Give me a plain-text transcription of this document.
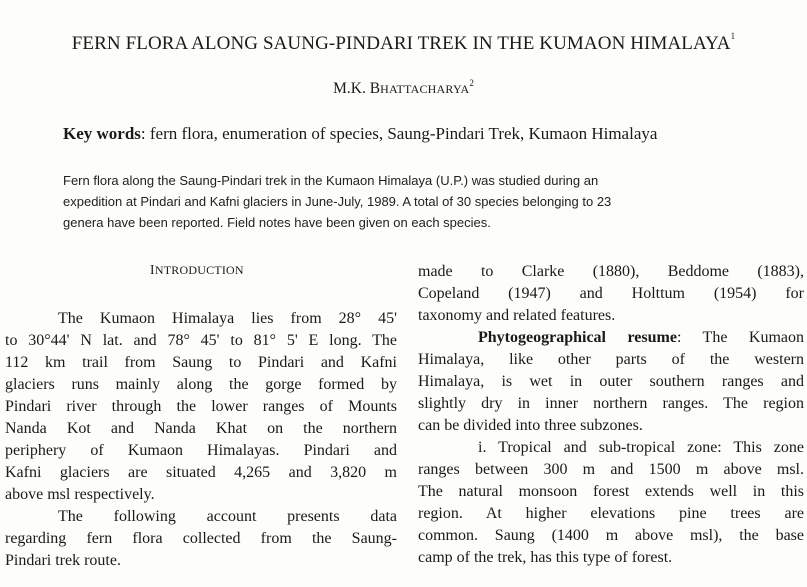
FERN FLORA ALONG SAUNG-PINDARI TREK IN THE KUMAON HIMALAYA$^1$
M.K. BHATTACHARYA$^2$
Key words: fern flora, enumeration of species, Saung-Pindari Trek, Kumaon Himalaya
Fern flora along the Saung-Pindari trek in the Kumaon Himalaya (U.P.) was studied during an
expedition at Pindari and Kafni glaciers in June-July, 1989. A total of 30 species belonging to 23
genera have been reported. Field notes have been given on each species.
INTRODUCTION
The Kumaon Himalaya lies from 28° 45'
to 30°44' N lat. and 78° 45' to 81° 5' E long. The
112 km trail from Saung to Pindari and Kafni
glaciers runs mainly along the gorge formed by
Pindari river through the lower ranges of Mounts
Nanda Kot and Nanda Khat on the northern
periphery of Kumaon Himalayas. Pindari and
Kafni glaciers are situated 4,265 and 3,820 m
above msl respectively.
The following account presents data
regarding fern flora collected from the Saung-
Pindari trek route.
made to Clarke (1880), Beddome (1883),
Copeland (1947) and Holttum (1954) for
taxonomy and related features.
Phytogeographical resume: The Kumaon
Himalaya, like other parts of the western
Himalaya, is wet in outer southern ranges and
slightly dry in inner northern ranges. The region
can be divided into three subzones.
i. Tropical and sub-tropical zone: This zone
ranges between 300 m and 1500 m above msl.
The natural monsoon forest extends well in this
region. At higher elevations pine trees are
common. Saung (1400 m above msl), the base
camp of the trek, has this type of forest.
